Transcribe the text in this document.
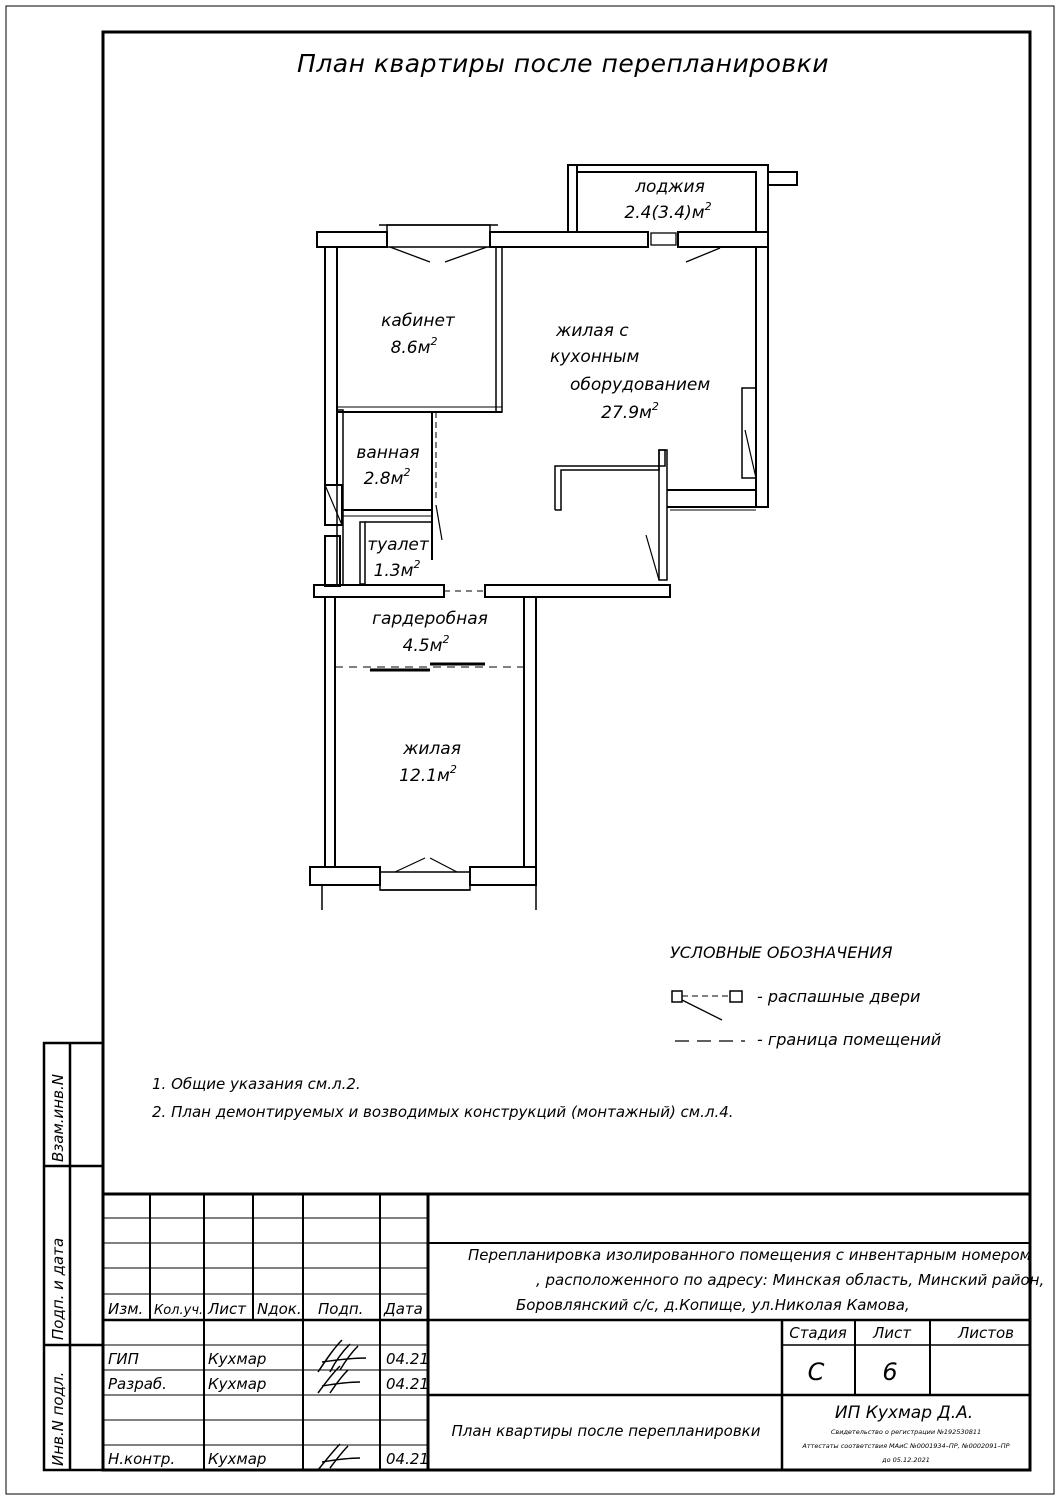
План квартиры после перепланировки
лоджия
$2.4(3.4)м^2$
кабинет
$8.6м^2$
жилая с
кухонным
оборудованием
$27.9м^2$
ванная
$2.8м^2$
туалет
$1.3м^2$
гардеробная
$4.5м^2$
жилая
$12.1м^2$
УСЛОВНЫЕ ОБОЗНАЧЕНИЯ
- распашные двери
- граница помещений
1. Общие указания см.л.2.
2. План демонтируемых и возводимых конструкций (монтажный) см.л.4.
Взам.инв.N
Подп. и дата
Инв.N подл.
Изм. Кол.уч. Лист Nдок. Подп. Дата
ГИП	Кухмар	04.21
Разраб.	Кухмар	04.21
Н.контр. Кухмар	04.21
Перепланировка изолированного помещения с инвентарным номером
, расположенного по адресу: Минская область, Минский район,
Боровлянский с/с, д.Копище, ул.Николая Камова,
Стадия Лист	Листов
С 6
План квартиры после перепланировки
ИП Кухмар Д.А.
Свидетельство о регистрации №192530811
Аттестаты соответствия МАиС №0001934–ПР, №0002091–ПР
до 05.12.2021
